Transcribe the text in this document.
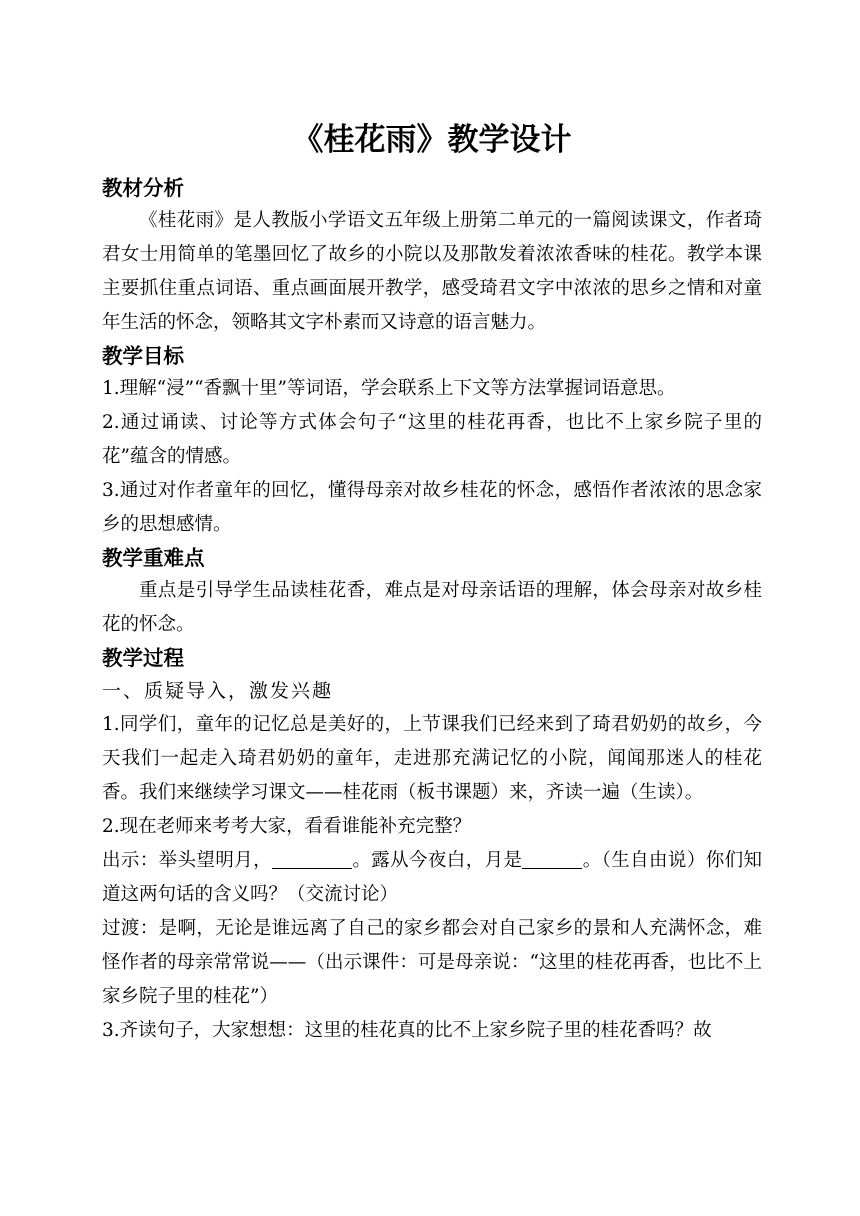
《桂花雨》教学设计
教材分析

《桂花雨》是人教版小学语文五年级上册第二单元的一篇阅读课文，作者琦君女士用简单的笔墨回忆了故乡的小院以及那散发着浓浓香味的桂花。教学本课主要抓住重点词语、重点画面展开教学，感受琦君文字中浓浓的思乡之情和对童年生活的怀念，领略其文字朴素而又诗意的语言魅力。

教学目标

1.理解“浸”“香飘十里”等词语，学会联系上下文等方法掌握词语意思。

2.通过诵读、讨论等方式体会句子“这里的桂花再香，也比不上家乡院子里的花”蕴含的情感。

3.通过对作者童年的回忆，懂得母亲对故乡桂花的怀念，感悟作者浓浓的思念家乡的思想感情。

教学重难点

重点是引导学生品读桂花香，难点是对母亲话语的理解，体会母亲对故乡桂花的怀念。

教学过程
一、质疑导入，激发兴趣

1.同学们，童年的记忆总是美好的，上节课我们已经来到了琦君奶奶的故乡，今天我们一起走入琦君奶奶的童年，走进那充满记忆的小院，闻闻那迷人的桂花香。我们来继续学习课文——桂花雨（板书课题）来，齐读一遍（生读）。

2.现在老师来考考大家，看看谁能补充完整？

出示：举头望明月，	。露从今夜白，月是	。（生自由说）你们知道这两句话的含义吗？（交流讨论）

过渡：是啊，无论是谁远离了自己的家乡都会对自己家乡的景和人充满怀念，难怪作者的母亲常常说——（出示课件：可是母亲说：“这里的桂花再香，也比不上家乡院子里的桂花”）

3.齐读句子，大家想想：这里的桂花真的比不上家乡院子里的桂花香吗？故
